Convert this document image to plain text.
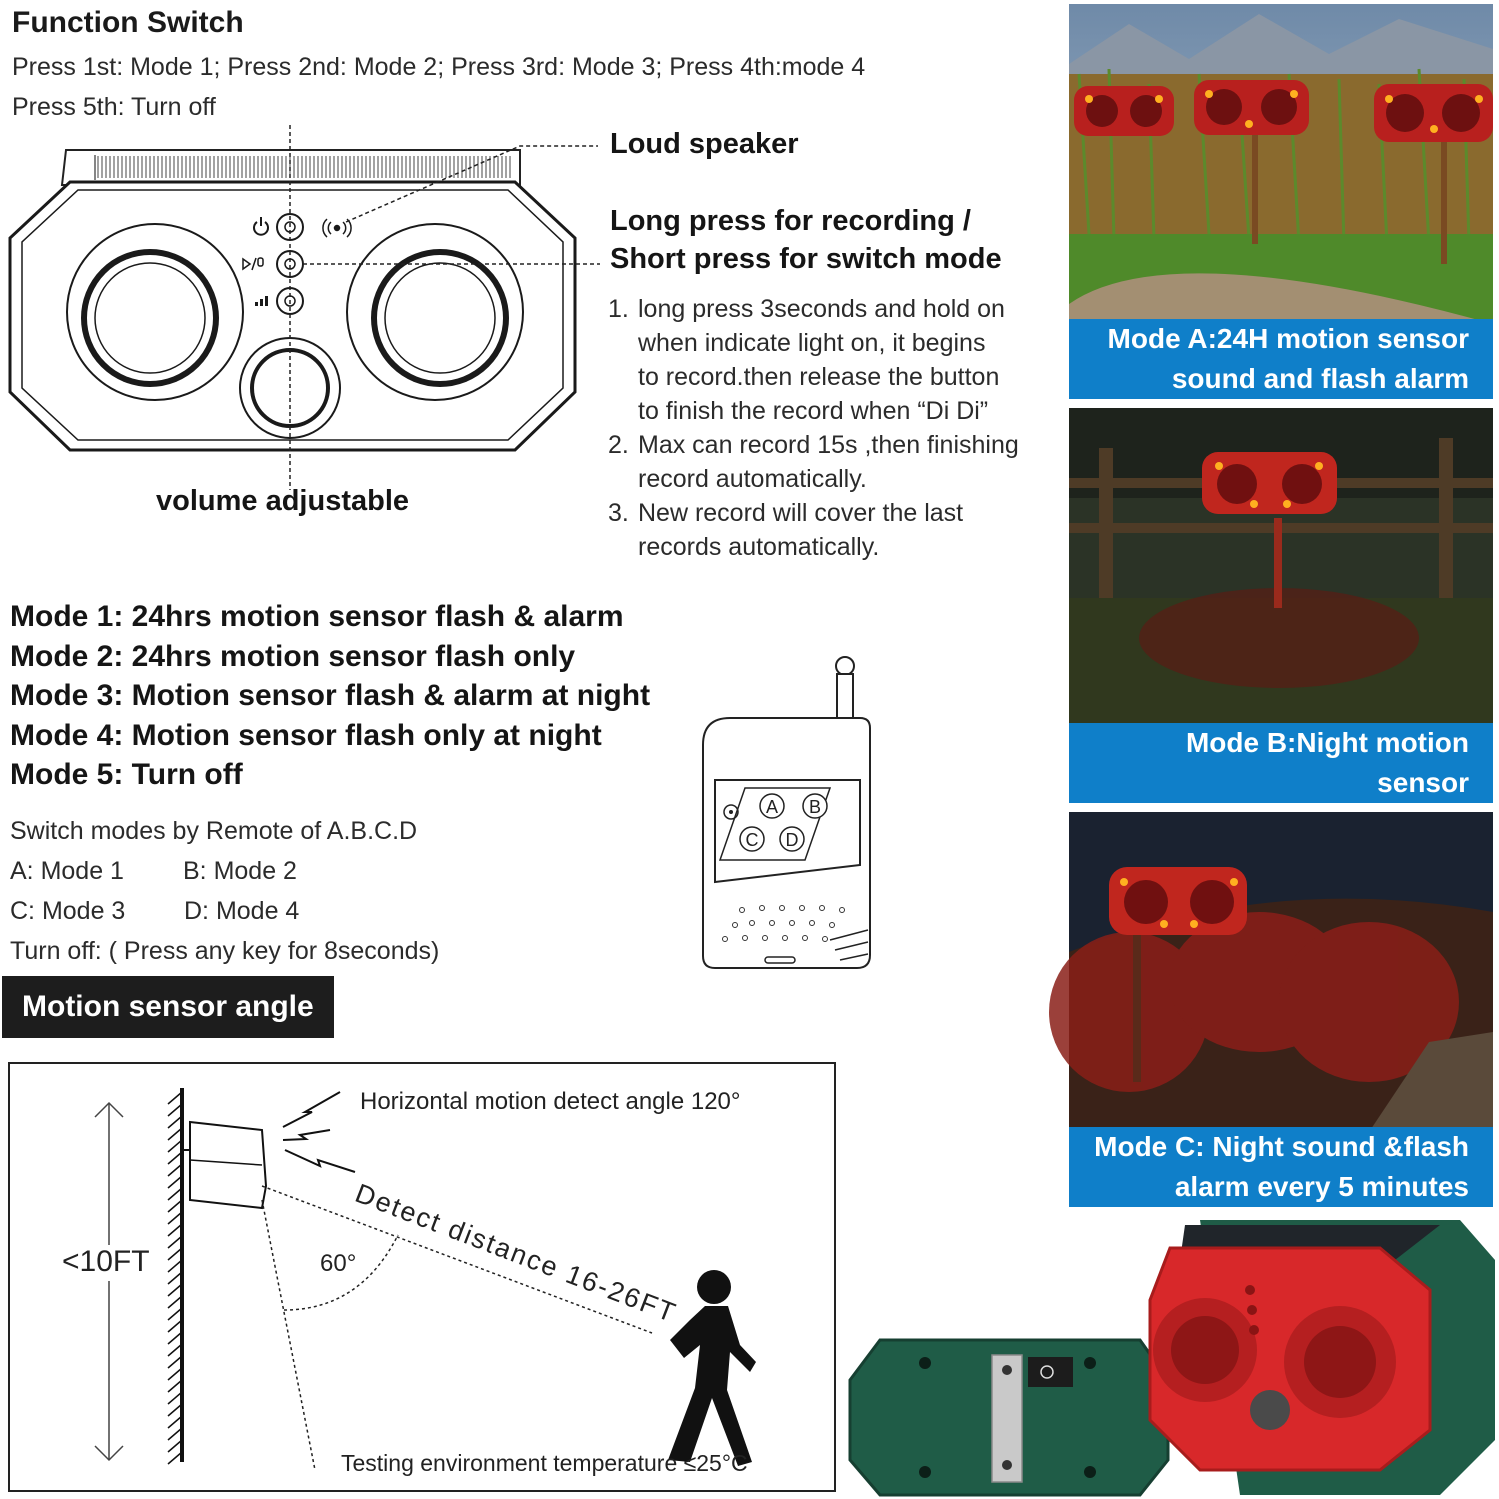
Function Switch
Press 1st: Mode 1; Press 2nd: Mode 2; Press 3rd: Mode 3; Press 4th:mode 4
Press 5th: Turn off
Loud speaker
Long press for recording /
Short press for switch mode
volume adjustable
1. long press 3seconds and hold on
when indicate light on, it begins
to record.then release the button
to finish the record when “Di Di”
2. Max can record 15s ,then finishing
record automatically.
3. New record will cover the last
records automatically.
Mode 1: 24hrs motion sensor flash & alarm
Mode 2: 24hrs motion sensor flash only
Mode 3: Motion sensor flash & alarm at night
Mode 4: Motion sensor flash only at night
Mode 5: Turn off
Switch modes by Remote of A.B.C.D
A: Mode 1 B: Mode 2
C: Mode 3 D: Mode 4
Turn off: ( Press any key for 8seconds)
A B
C D
Motion sensor angle
Horizontal motion detect angle 120°
Detect distance 16-26FT
<10FT	60°
Testing environment temperature ≤25°C
Mode A:24H motion sensor
sound and flash alarm
Mode B:Night motion sensor
Mode C: Night sound &flash
alarm every 5 minutes
